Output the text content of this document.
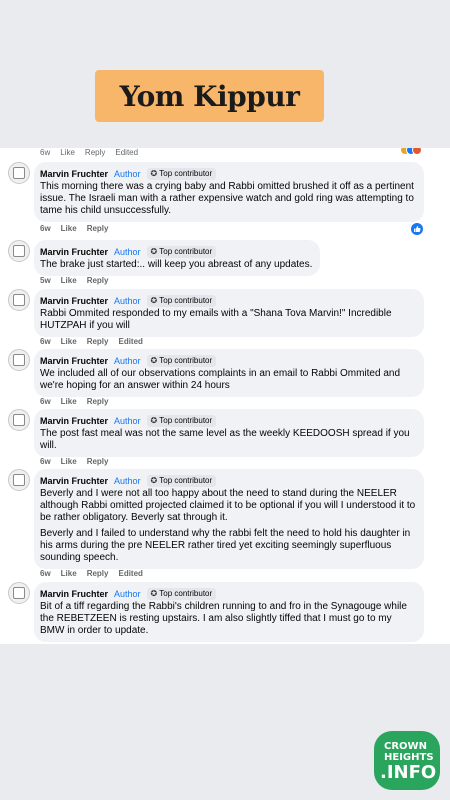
Yom Kippur
6w Like Reply Edited
Marvin Fruchter Author ✪ Top contributor
This morning there was a crying baby and Rabbi omitted brushed it off as a pertinent issue. The Israeli man with a rather expensive watch and gold ring was attempting to tame his child unsuccessfully.
6w Like Reply
Marvin Fruchter Author ✪ Top contributor
The brake just started:.. will keep you abreast of any updates.
5w Like Reply
Marvin Fruchter Author ✪ Top contributor
Rabbi Ommited responded to my emails with a "Shana Tova Marvin!" Incredible HUTZPAH if you will
6w Like Reply Edited
Marvin Fruchter Author ✪ Top contributor
We included all of our observations complaints in an email to Rabbi Ommited and we're hoping for an answer within 24 hours
6w Like Reply
Marvin Fruchter Author ✪ Top contributor
The post fast meal was not the same level as the weekly KEEDOOSH spread if you will.
6w Like Reply
Marvin Fruchter Author ✪ Top contributor
Beverly and I were not all too happy about the need to stand during the NEELER although Rabbi omitted projected claimed it to be optional if you will I understood it to be rather obligatory. Beverly sat through it.
Beverly and I failed to understand why the rabbi felt the need to hold his daughter in his arms during the pre NEELER rather tired yet exciting seemingly superfluous sounding speech.
6w Like Reply Edited
Marvin Fruchter Author ✪ Top contributor
Bit of a tiff regarding the Rabbi's children running to and fro in the Synagouge while the REBETZEEN is resting upstairs. I am also slightly tiffed that I must go to my BMW in order to update.
CROWN
HEIGHTS
.INFO
